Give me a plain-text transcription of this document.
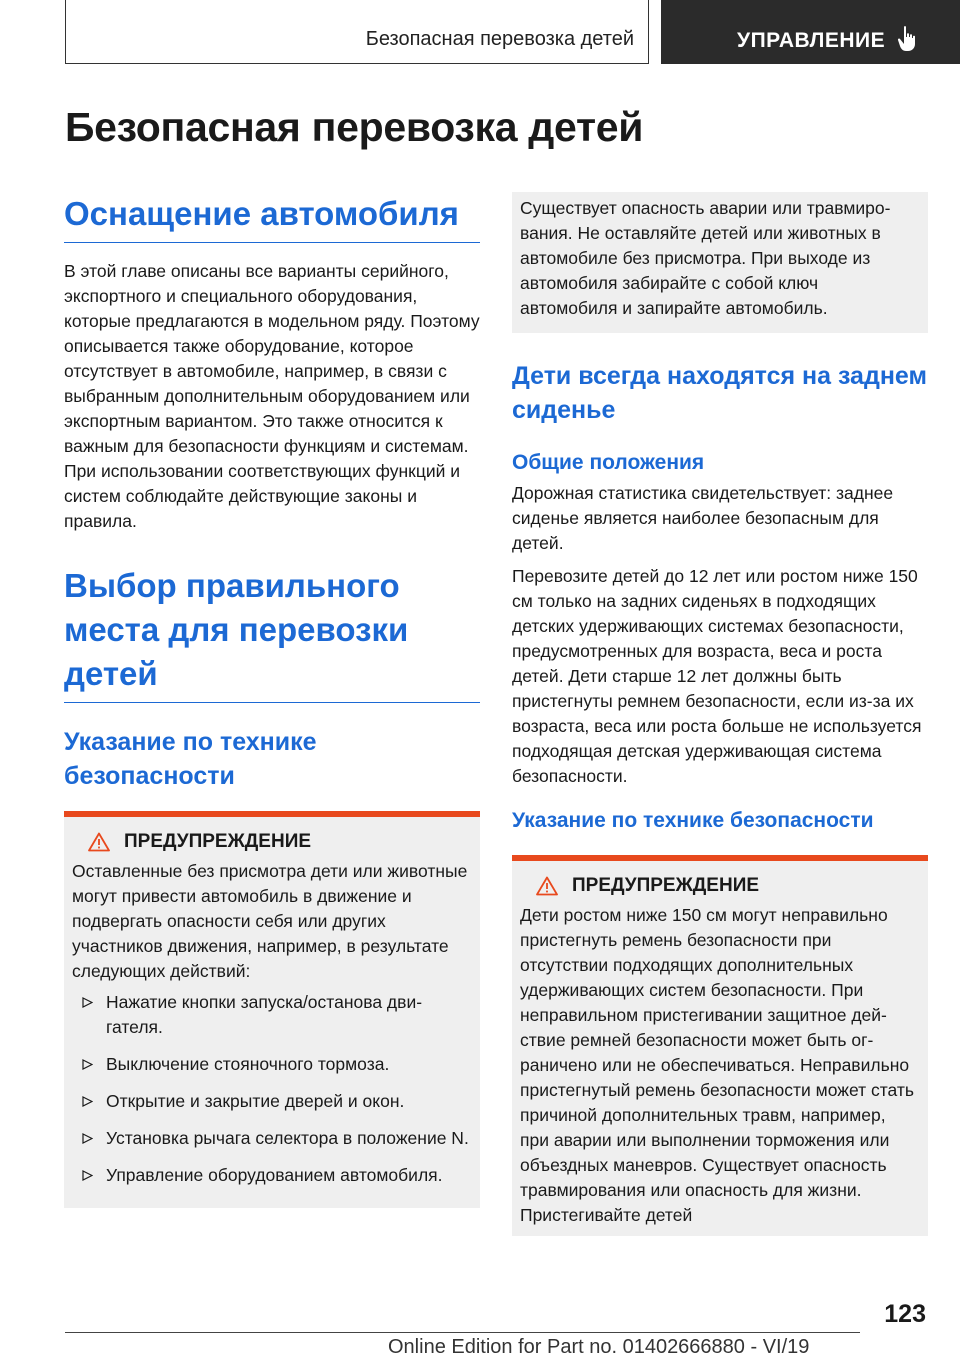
Безопасная перевозка детей	УПРАВЛЕНИЕ
Безопасная перевозка детей
Оснащение автомобиля

В этой главе описаны все варианты серийного, экспортного и специального оборудования, которые предлагаются в модельном ряду. Поэтому описывается также оборудование, которое отсутствует в автомобиле, например, в связи с выбранным дополнительным оборудованием или экспортным вариантом. Это также относится к важным для безопасности функциям и системам. При использовании соответствующих функций и систем соблюдайте действующие законы и правила.

Выбор правильного места для перевозки детей
Указание по технике безопасности
ПРЕДУПРЕЖДЕНИЕ

Оставленные без присмотра дети или животные могут привести автомобиль в движение и подвергать опасности себя или других участников движения, например, в результате следующих действий:

Нажатие кнопки запуска/останова двигателя.
Выключение стояночного тормоза.
Открытие и закрытие дверей и окон.
Установка рычага селектора в положение N.
Управление оборудованием автомобиля.

Существует опасность аварии или травмирования. Не оставляйте детей или животных в автомобиле без присмотра. При выходе из автомобиля забирайте с собой ключ автомобиля и запирайте автомобиль.

Дети всегда находятся на заднем сиденье
Общие положения

Дорожная статистика свидетельствует: заднее сиденье является наиболее безопасным для детей.

Перевозите детей до 12 лет или ростом ниже 150 см только на задних сиденьях в подходящих детских удерживающих системах безопасности, предусмотренных для возраста, веса и роста детей. Дети старше 12 лет должны быть пристегнуты ремнем безопасности, если из-за их возраста, веса или роста больше не используется подходящая детская удерживающая система безопасности.

Указание по технике безопасности
ПРЕДУПРЕЖДЕНИЕ

Дети ростом ниже 150 см могут неправильно пристегнуть ремень безопасности при отсутствии подходящих дополнительных удерживающих систем безопасности. При неправильном пристегивании защитное действие ремней безопасности может быть ограничено или не обеспечиваться. Неправильно пристегнутый ремень безопасности может стать причиной дополнительных травм, например, при аварии или выполнении торможения или объездных маневров. Существует опасность травмирования или опасность для жизни. Пристегивайте детей

123
Online Edition for Part no. 01402666880 - VI/19
